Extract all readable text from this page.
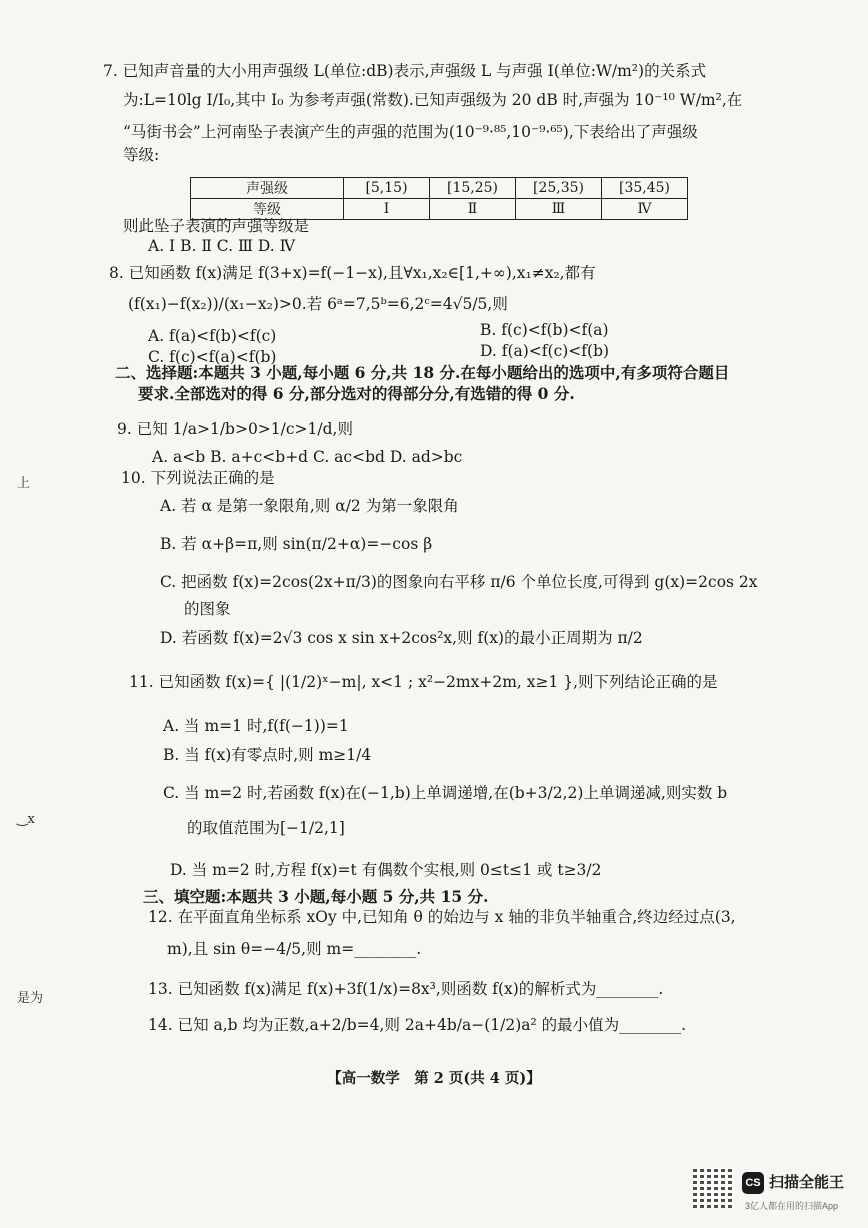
7. 已知声音量的大小用声强级 L(单位:dB)表示,声强级 L 与声强 I(单位:W/m²)的关系式
为:L=10lg I/I₀,其中 I₀ 为参考声强(常数).已知声强级为 20 dB 时,声强为 10⁻¹⁰ W/m²,在
“马街书会”上河南坠子表演产生的声强的范围为(10⁻⁹·⁸⁵,10⁻⁹·⁶⁵),下表给出了声强级
等级:
则此坠子表演的声强等级是
A. Ⅰ B. Ⅱ C. Ⅲ D. Ⅳ
8. 已知函数 f(x)满足 f(3+x)=f(−1−x),且∀x₁,x₂∈[1,+∞),x₁≠x₂,都有
(f(x₁)−f(x₂))/(x₁−x₂)>0.若 6ᵃ=7,5ᵇ=6,2ᶜ=4√5/5,则
A. f(a)<f(b)<f(c)	B. f(c)<f(b)<f(a)
C. f(c)<f(a)<f(b)	D. f(a)<f(c)<f(b)
二、选择题:本题共 3 小题,每小题 6 分,共 18 分.在每小题给出的选项中,有多项符合题目
要求.全部选对的得 6 分,部分选对的得部分分,有选错的得 0 分.
9. 已知 1/a>1/b>0>1/c>1/d,则
A. a<b B. a+c<b+d C. ac<bd D. ad>bc
10. 下列说法正确的是
A. 若 α 是第一象限角,则 α/2 为第一象限角
B. 若 α+β=π,则 sin(π/2+α)=−cos β
C. 把函数 f(x)=2cos(2x+π/3)的图象向右平移 π/6 个单位长度,可得到 g(x)=2cos 2x
的图象
D. 若函数 f(x)=2√3 cos x sin x+2cos²x,则 f(x)的最小正周期为 π/2
11. 已知函数 f(x)={ |(1/2)ˣ−m|, x<1 ; x²−2mx+2m, x≥1 },则下列结论正确的是
A. 当 m=1 时,f(f(−1))=1
B. 当 f(x)有零点时,则 m≥1/4
C. 当 m=2 时,若函数 f(x)在(−1,b)上单调递增,在(b+3/2,2)上单调递减,则实数 b
的取值范围为[−1/2,1]
D. 当 m=2 时,方程 f(x)=t 有偶数个实根,则 0≤t≤1 或 t≥3/2
三、填空题:本题共 3 小题,每小题 5 分,共 15 分.
12. 在平面直角坐标系 xOy 中,已知角 θ 的始边与 x 轴的非负半轴重合,终边经过点(3,
m),且 sin θ=−4/5,则 m=________.
13. 已知函数 f(x)满足 f(x)+3f(1/x)=8x³,则函数 f(x)的解析式为________.
14. 已知 a,b 均为正数,a+2/b=4,则 2a+4b/a−(1/2)a² 的最小值为________.
上
‿x
是为
声强级	[5,15)	[15,25)	[25,35)	[35,45)
等级	Ⅰ	Ⅱ	Ⅲ	Ⅳ
【高一数学　第 2 页(共 4 页)】
CS 扫描全能王
3亿人都在用的扫描App
